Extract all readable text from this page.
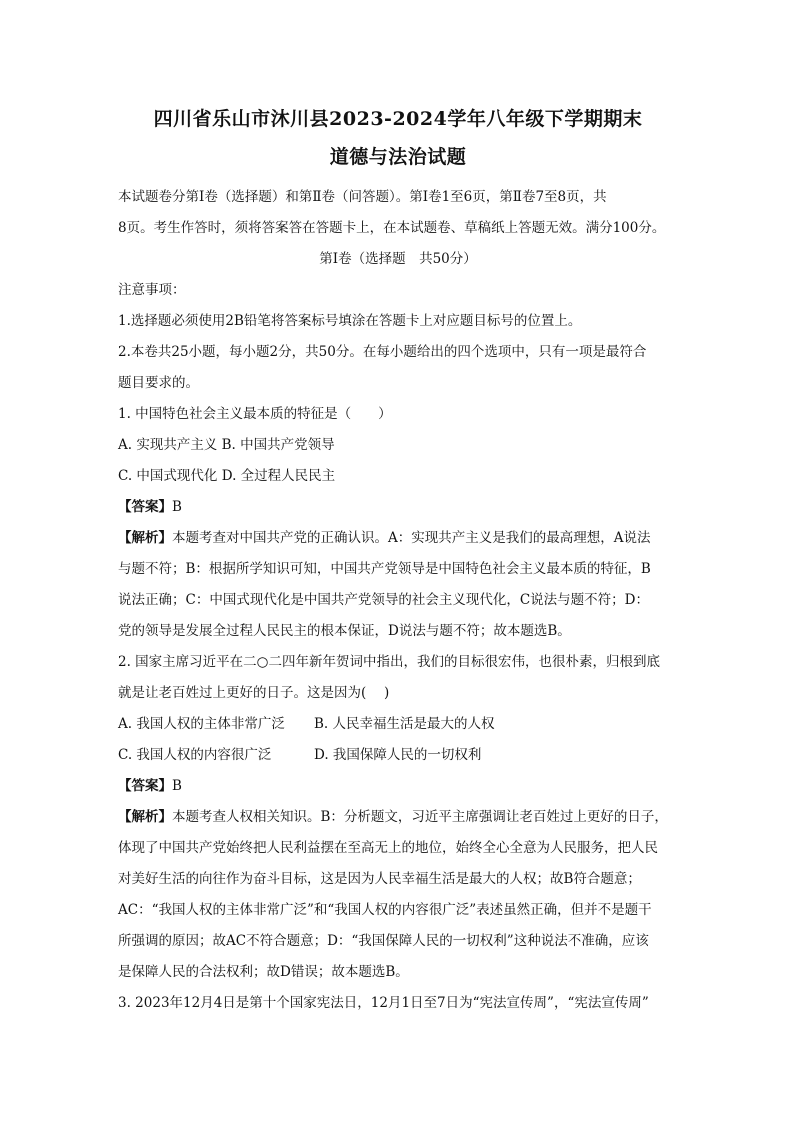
四川省乐山市沐川县2023-2024学年八年级下学期期末

道德与法治试题

本试题卷分第Ⅰ卷（选择题）和第Ⅱ卷（问答题）。第Ⅰ卷1至6页，第Ⅱ卷7至8页，共

8页。考生作答时，须将答案答在答题卡上，在本试题卷、草稿纸上答题无效。满分100分。

第Ⅰ卷（选择题　共50分）

注意事项：

1.选择题必须使用2B铅笔将答案标号填涂在答题卡上对应题目标号的位置上。

2.本卷共25小题，每小题2分，共50分。在每小题给出的四个选项中，只有一项是最符合

题目要求的。

1. 中国特色社会主义最本质的特征是（　　）

A. 实现共产主义 B. 中国共产党领导

C. 中国式现代化 D. 全过程人民民主

【答案】B

【解析】本题考查对中国共产党的正确认识。A：实现共产主义是我们的最高理想，A说法

与题不符；B：根据所学知识可知，中国共产党领导是中国特色社会主义最本质的特征，B

说法正确；C：中国式现代化是中国共产党领导的社会主义现代化，C说法与题不符；D：

党的领导是发展全过程人民民主的根本保证，D说法与题不符；故本题选B。

2. 国家主席习近平在二○二四年新年贺词中指出，我们的目标很宏伟，也很朴素，归根到底

就是让老百姓过上更好的日子。这是因为(　 )

A. 我国人权的主体非常广泛	B. 人民幸福生活是最大的人权
C. 我国人权的内容很广泛	D. 我国保障人民的一切权利

【答案】B

【解析】本题考查人权相关知识。B：分析题文，习近平主席强调让老百姓过上更好的日子，

体现了中国共产党始终把人民利益摆在至高无上的地位，始终全心全意为人民服务，把人民

对美好生活的向往作为奋斗目标，这是因为人民幸福生活是最大的人权；故B符合题意；

AC：“我国人权的主体非常广泛”和“我国人权的内容很广泛”表述虽然正确，但并不是题干

所强调的原因；故AC不符合题意；D：“我国保障人民的一切权利”这种说法不准确，应该

是保障人民的合法权利；故D错误；故本题选B。

3. 2023年12月4日是第十个国家宪法日，12月1日至7日为“宪法宣传周”，“宪法宣传周”
